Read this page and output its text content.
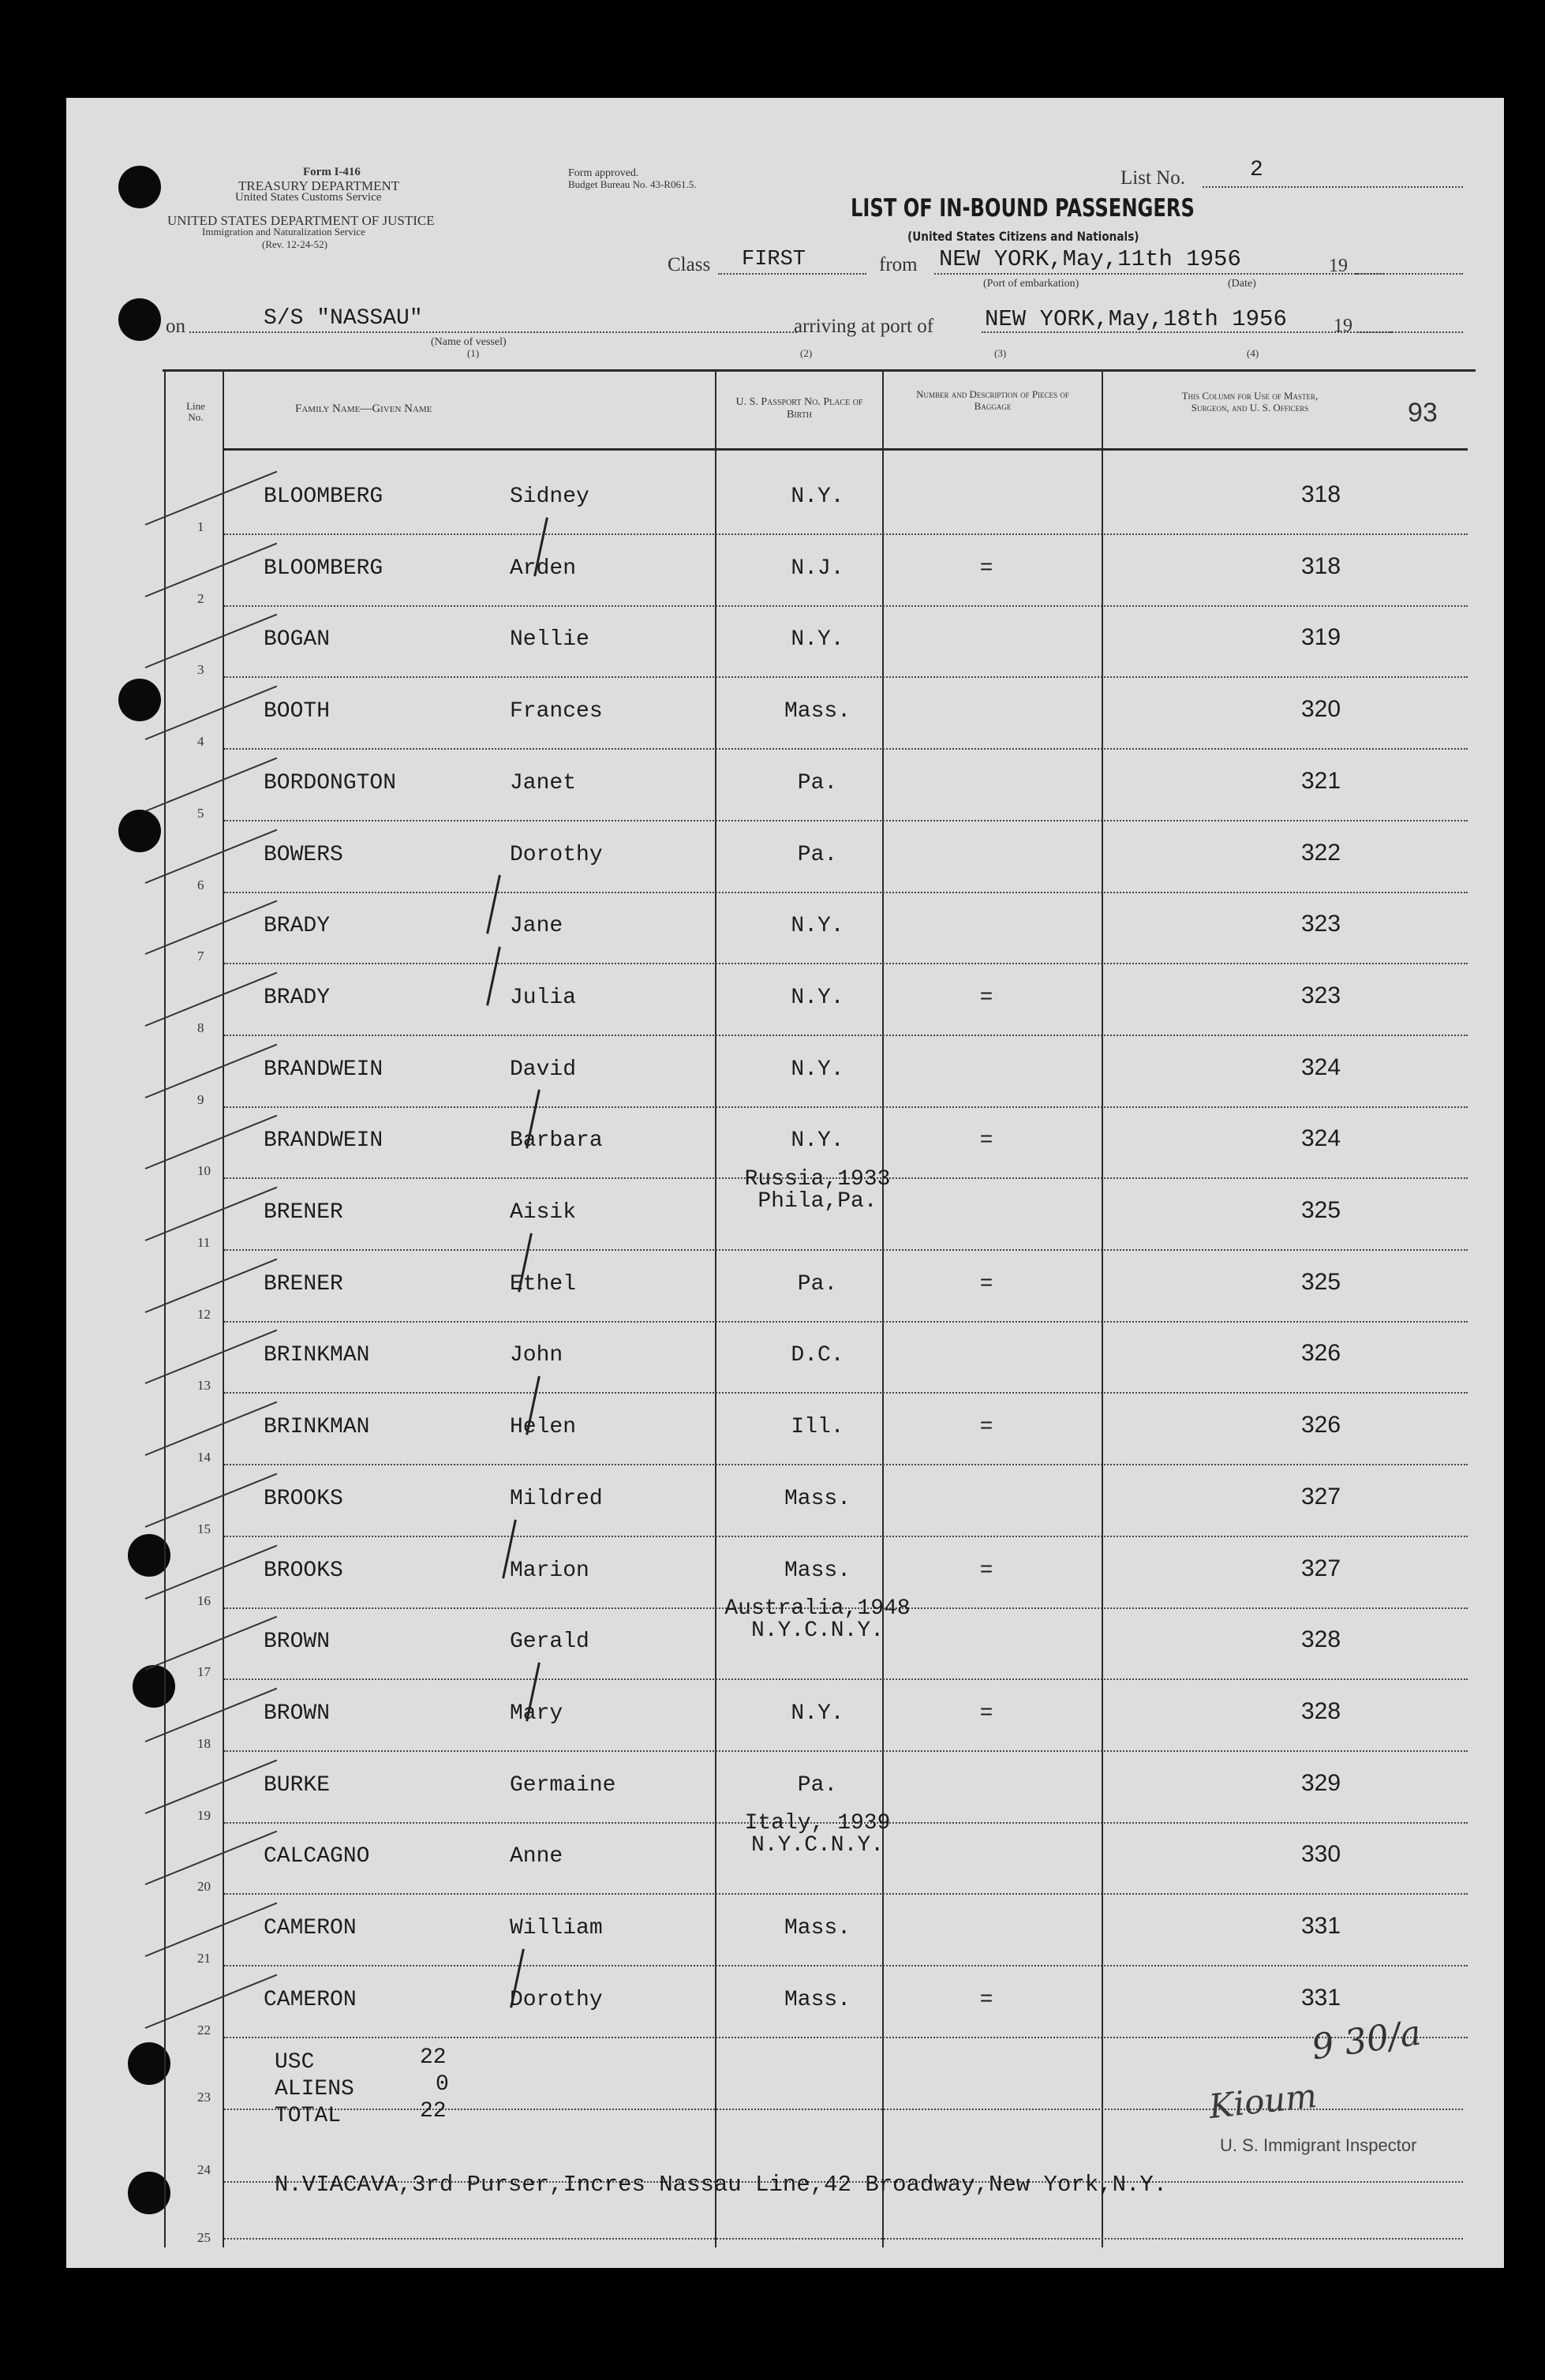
Form I-416
TREASURY DEPARTMENT
United States Customs Service
UNITED STATES DEPARTMENT OF JUSTICE
Immigration and Naturalization Service
(Rev. 12-24-52)
Form approved.
Budget Bureau No. 43-R061.5.	List No.	2
LIST OF IN-BOUND PASSENGERS
(United States Citizens and Nationals)
Class FIRST	from NEW YORK,May,11th 1956	19
(Port of embarkation)	(Date)
on	S/S "NASSAU"
(Name of vessel)
(1)
arriving at port of NEW YORK,May,18th 1956 19
(2)	(3)	(4)
Line No.
Family Name—Given Name
U. S. Passport No. Place of Birth
Number and Description of Pieces of Baggage
This Column for Use of Master, Surgeon, and U. S. Officers	93
1
BLOOMBERG	Sidney	N.Y.	318
2
BLOOMBERG	Arden	N.J.	=	318
3
BOGAN	Nellie	N.Y.	319
4
BOOTH	Frances	Mass.	320
5
BORDONGTON	Janet	Pa.	321
6
BOWERS	Dorothy	Pa.	322
7
BRADY	Jane	N.Y.	323
8
BRADY	Julia	N.Y.	=	323
9
BRANDWEIN	David	N.Y.	324
10
BRANDWEIN	Barbara	N.Y.	=	324
11
BRENER	Aisik
Russia,1933
Phila,Pa.	325
12
BRENER	Ethel	Pa.	=	325
13
BRINKMAN	John	D.C.	326
14
BRINKMAN	Helen	Ill.	=	326
15
BROOKS	Mildred	Mass.	327
16
BROOKS	Marion	Mass.	=	327
17
BROWN	Gerald
Australia,1948
N.Y.C.N.Y.	328
18
BROWN	Mary	N.Y.	=	328
19
BURKE	Germaine	Pa.	329
20
CALCAGNO	Anne
Italy, 1939
N.Y.C.N.Y.	330
21
CAMERON	William	Mass.	331
22
CAMERON	Dorothy	Mass.	=	331
23
24
25
USC	22
ALIENS	0
TOTAL	22
N.VIACAVA,3rd Purser,Incres Nassau Line,42 Broadway,New York,N.Y.
9 30/a
Kioum
U. S. Immigrant Inspector
